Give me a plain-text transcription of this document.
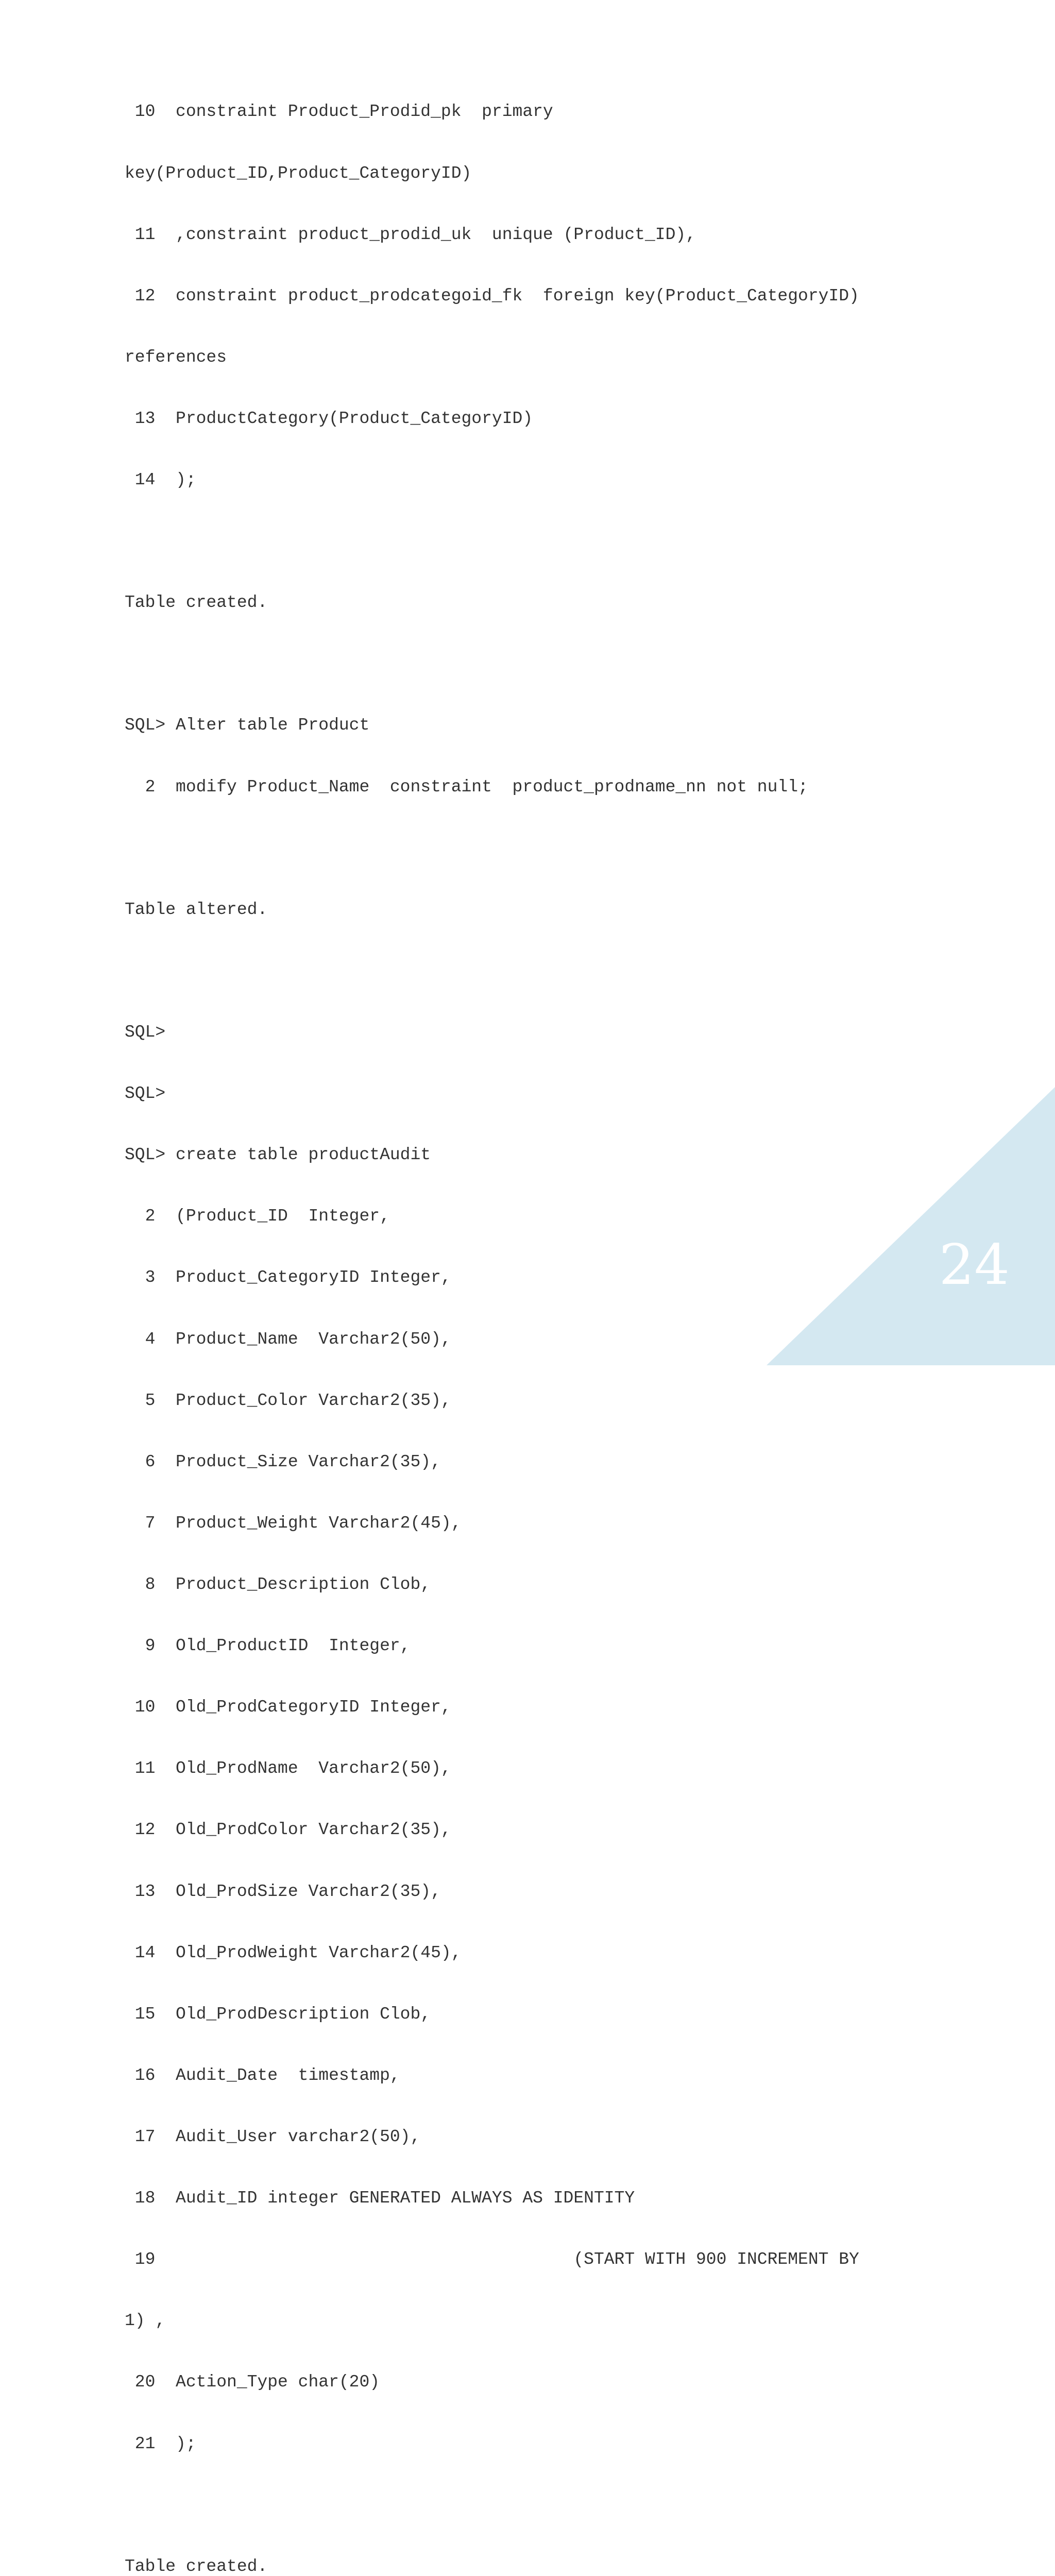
10  constraint Product_Prodid_pk  primary

key(Product_ID,Product_CategoryID)

11  ,constraint product_prodid_uk  unique (Product_ID),

12  constraint product_prodcategoid_fk  foreign key(Product_CategoryID)

references

13  ProductCategory(Product_CategoryID)

14  );

Table created.

SQL> Alter table Product

2  modify Product_Name  constraint  product_prodname_nn not null;

Table altered.

SQL>

SQL>

SQL> create table productAudit

2  (Product_ID  Integer,

3  Product_CategoryID Integer,

4  Product_Name  Varchar2(50),

5  Product_Color Varchar2(35),

6  Product_Size Varchar2(35),

7  Product_Weight Varchar2(45),

8  Product_Description Clob,

9  Old_ProductID  Integer,

10  Old_ProdCategoryID Integer,

11  Old_ProdName  Varchar2(50),

12  Old_ProdColor Varchar2(35),

13  Old_ProdSize Varchar2(35),

14  Old_ProdWeight Varchar2(45),

15  Old_ProdDescription Clob,

16  Audit_Date  timestamp,

17  Audit_User varchar2(50),

18  Audit_ID integer GENERATED ALWAYS AS IDENTITY

19                                         (START WITH 900 INCREMENT BY

1) ,

20  Action_Type char(20)

21  );

Table created.

24
